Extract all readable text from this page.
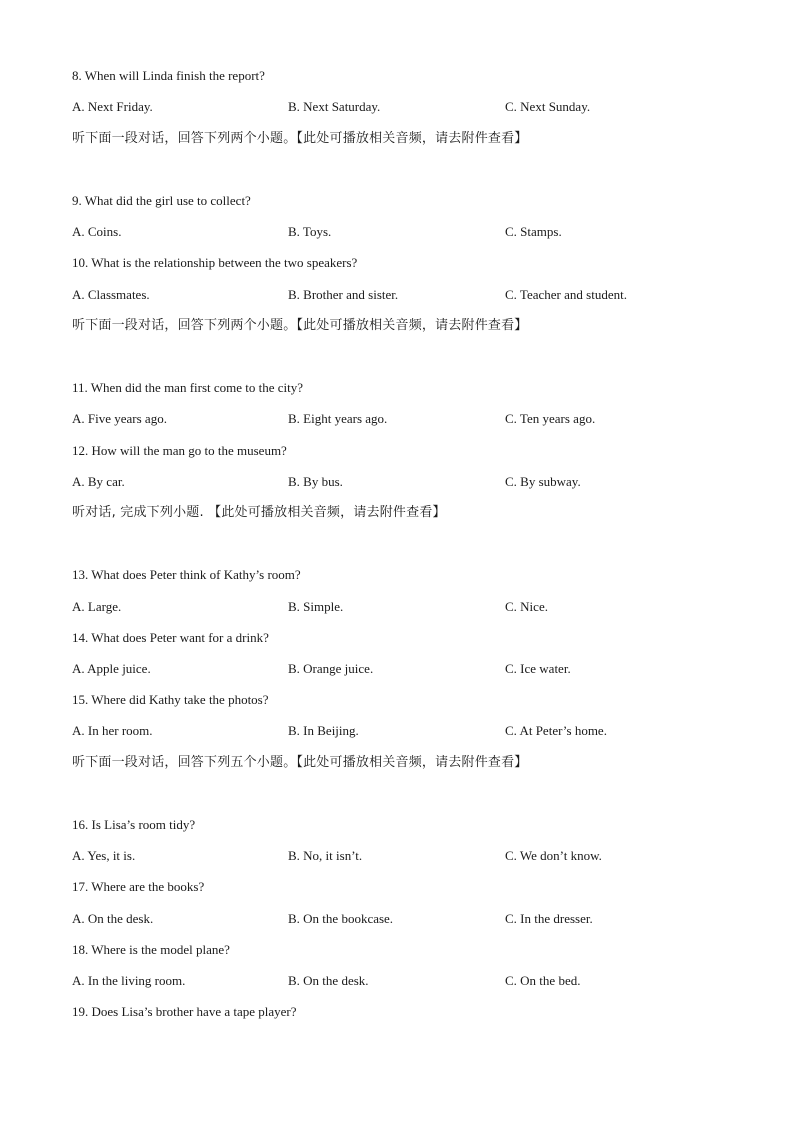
8. When will Linda finish the report?
A. Next Friday.	B. Next Saturday.	C. Next Sunday.
听下面一段对话，回答下列两个小题。【此处可播放相关音频，请去附件查看】
9. What did the girl use to collect?
A. Coins.	B. Toys.	C. Stamps.
10. What is the relationship between the two speakers?
A. Classmates.	B. Brother and sister.	C. Teacher and student.
听下面一段对话，回答下列两个小题。【此处可播放相关音频，请去附件查看】
11. When did the man first come to the city?
A. Five years ago.	B. Eight years ago.	C. Ten years ago.
12. How will the man go to the museum?
A. By car.	B. By bus.	C. By subway.
听对话, 完成下列小题. 【此处可播放相关音频，请去附件查看】
13. What does Peter think of Kathy’s room?
A. Large.	B. Simple.	C. Nice.
14. What does Peter want for a drink?
A. Apple juice.	B. Orange juice.	C. Ice water.
15. Where did Kathy take the photos?
A. In her room.	B. In Beijing.	C. At Peter’s home.
听下面一段对话，回答下列五个小题。【此处可播放相关音频，请去附件查看】
16. Is Lisa’s room tidy?
A. Yes, it is.	B. No, it isn’t.	C. We don’t know.
17. Where are the books?
A. On the desk.	B. On the bookcase.	C. In the dresser.
18. Where is the model plane?
A. In the living room.	B. On the desk.	C. On the bed.
19. Does Lisa’s brother have a tape player?
